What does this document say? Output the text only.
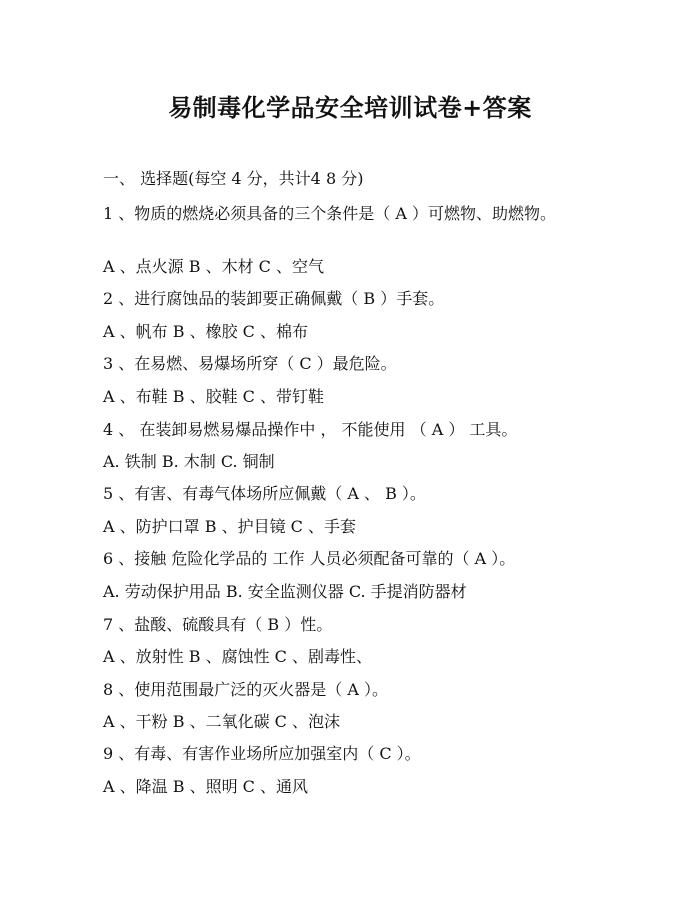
易制毒化学品安全培训试卷+答案
一、 选择题(每空 4 分，共计4 8 分)
1 、物质的燃烧必须具备的三个条件是（ A ）可燃物、助燃物。
A 、点火源 B 、木材 C 、空气
2 、进行腐蚀品的装卸要正确佩戴（ B ）手套。
A 、帆布 B 、橡胶 C 、棉布
3 、在易燃、易爆场所穿（ C ）最危险。
A 、布鞋 B 、胶鞋 C 、带钉鞋
4 、 在装卸易燃易爆品操作中 ， 不能使用 （ A ） 工具。
A. 铁制 B. 木制 C. 铜制
5 、有害、有毒气体场所应佩戴（ A 、 B ）。
A 、防护口罩 B 、护目镜 C 、手套
6 、接触 危险化学品的 工作 人员必须配备可靠的（ A ）。
A. 劳动保护用品 B. 安全监测仪器 C. 手提消防器材
7 、盐酸、硫酸具有（ B ）性。
A 、放射性 B 、腐蚀性 C 、剧毒性、
8 、使用范围最广泛的灭火器是（ A ）。
A 、干粉 B 、二氧化碳 C 、泡沫
9 、有毒、有害作业场所应加强室内（ C ）。
A 、降温 B 、照明 C 、通风
